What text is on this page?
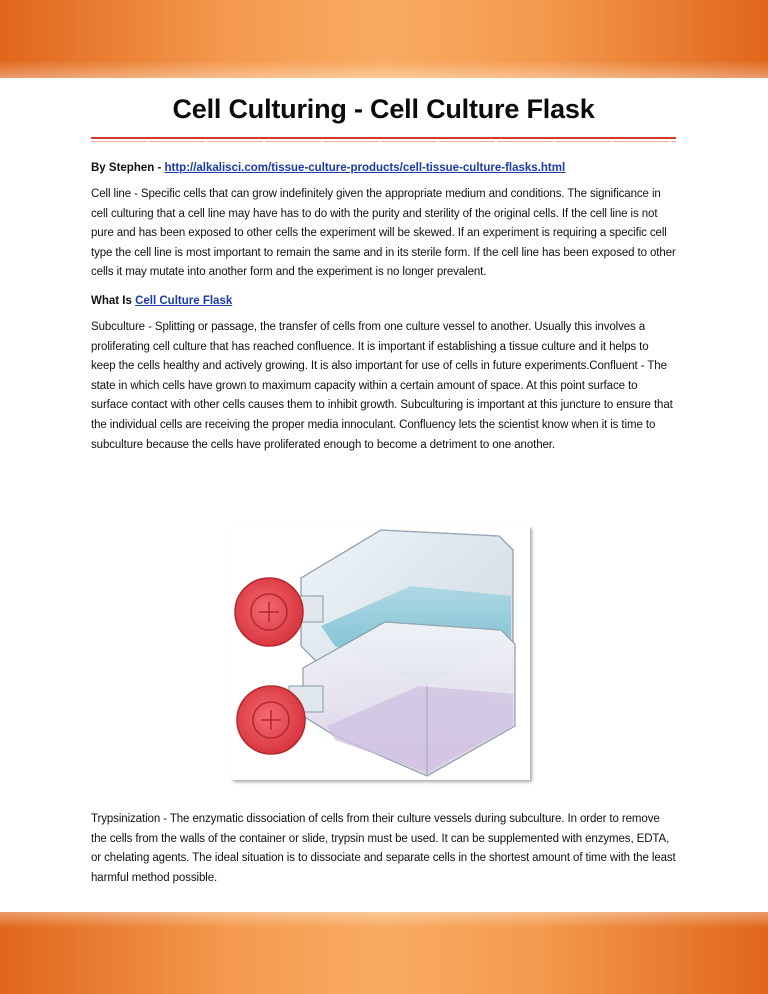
Cell Culturing - Cell Culture Flask
By Stephen - http://alkalisci.com/tissue-culture-products/cell-tissue-culture-flasks.html

Cell line - Specific cells that can grow indefinitely given the appropriate medium and conditions. The significance in cell culturing that a cell line may have has to do with the purity and sterility of the original cells. If the cell line is not pure and has been exposed to other cells the experiment will be skewed. If an experiment is requiring a specific cell type the cell line is most important to remain the same and in its sterile form. If the cell line has been exposed to other cells it may mutate into another form and the experiment is no longer prevalent.

What Is Cell Culture Flask

Subculture - Splitting or passage, the transfer of cells from one culture vessel to another. Usually this involves a proliferating cell culture that has reached confluence. It is important if establishing a tissue culture and it helps to keep the cells healthy and actively growing. It is also important for use of cells in future experiments.Confluent - The state in which cells have grown to maximum capacity within a certain amount of space. At this point surface to surface contact with other cells causes them to inhibit growth. Subculturing is important at this juncture to ensure that the individual cells are receiving the proper media innoculant. Confluency lets the scientist know when it is time to subculture because the cells have proliferated enough to become a detriment to one another.

Trypsinization - The enzymatic dissociation of cells from their culture vessels during subculture. In order to remove the cells from the walls of the container or slide, trypsin must be used. It can be supplemented with enzymes, EDTA, or chelating agents. The ideal situation is to dissociate and separate cells in the shortest amount of time with the least harmful method possible.
